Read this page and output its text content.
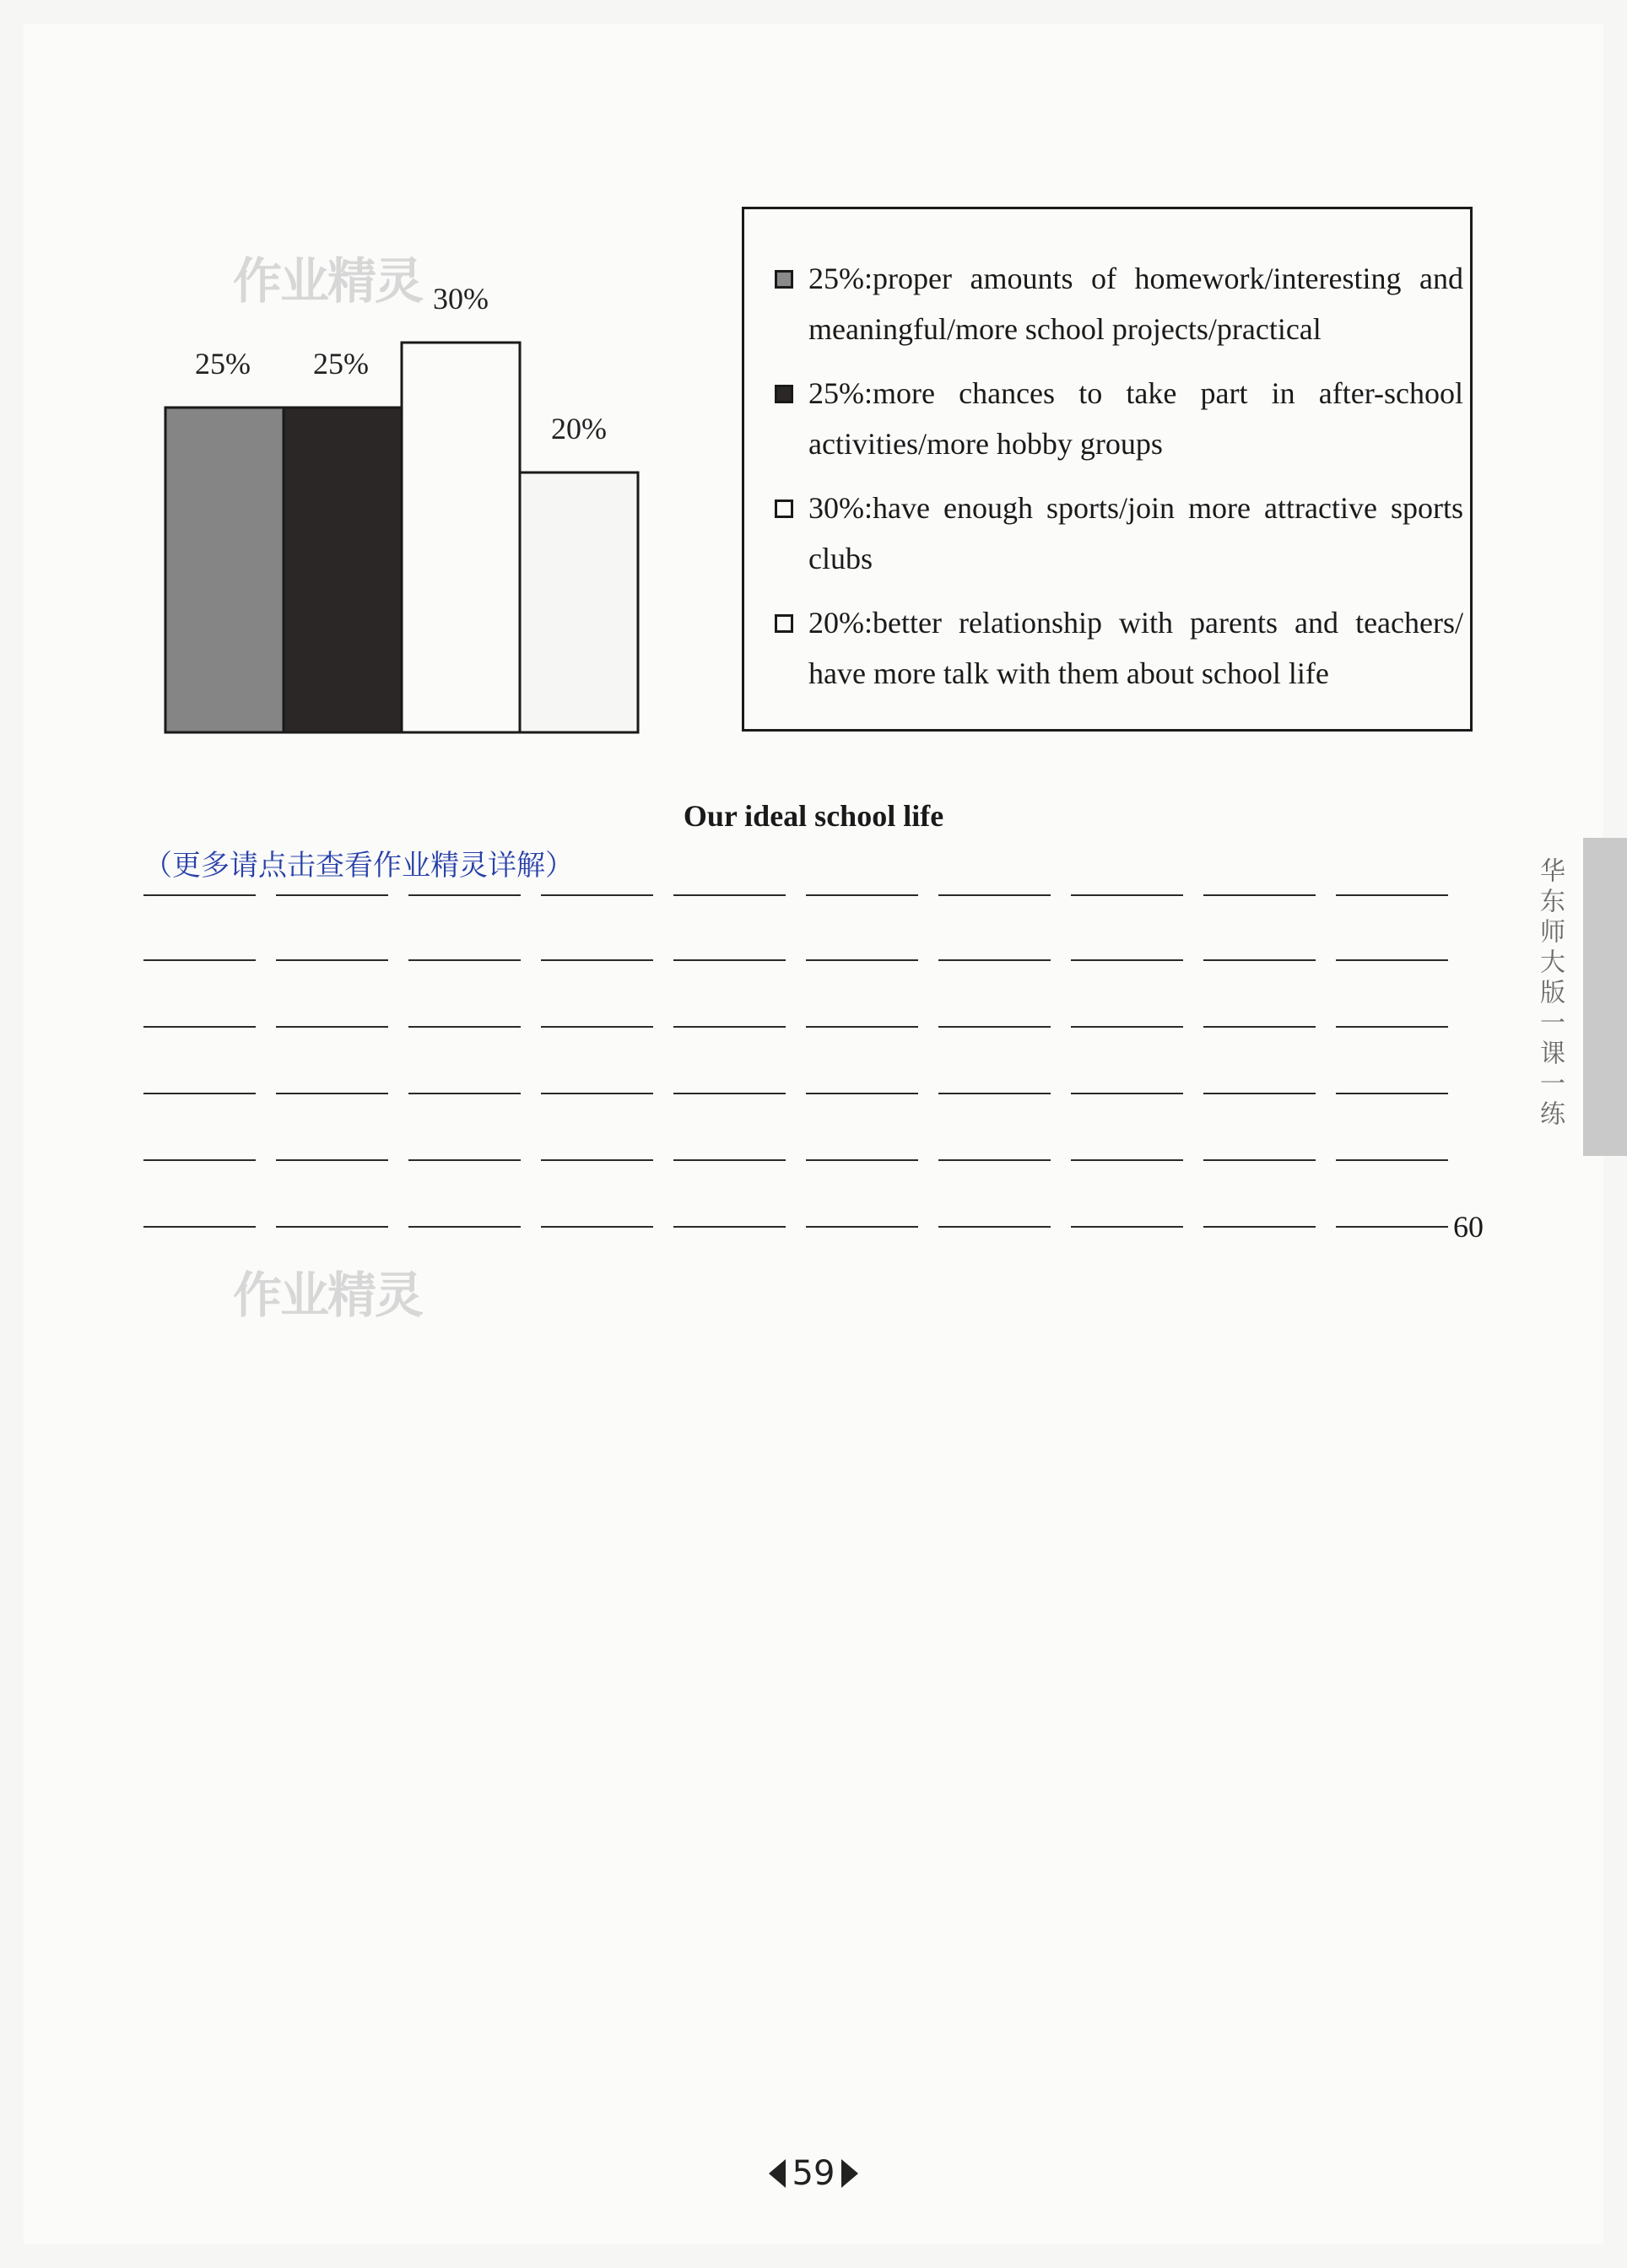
25% 25%
30%
20%
25%:proper amounts of homework/interesting and meaningful/more school projects/practical
25%:more chances to take part in after-school activities/more hobby groups
30%:have enough sports/join more attractive sports clubs
20%:better relationship with parents and teachers/ have more talk with them about school life
Our ideal school life
（更多请点击查看作业精灵详解）
60
华东师大版一课一练
作业精灵
作业精灵
59
